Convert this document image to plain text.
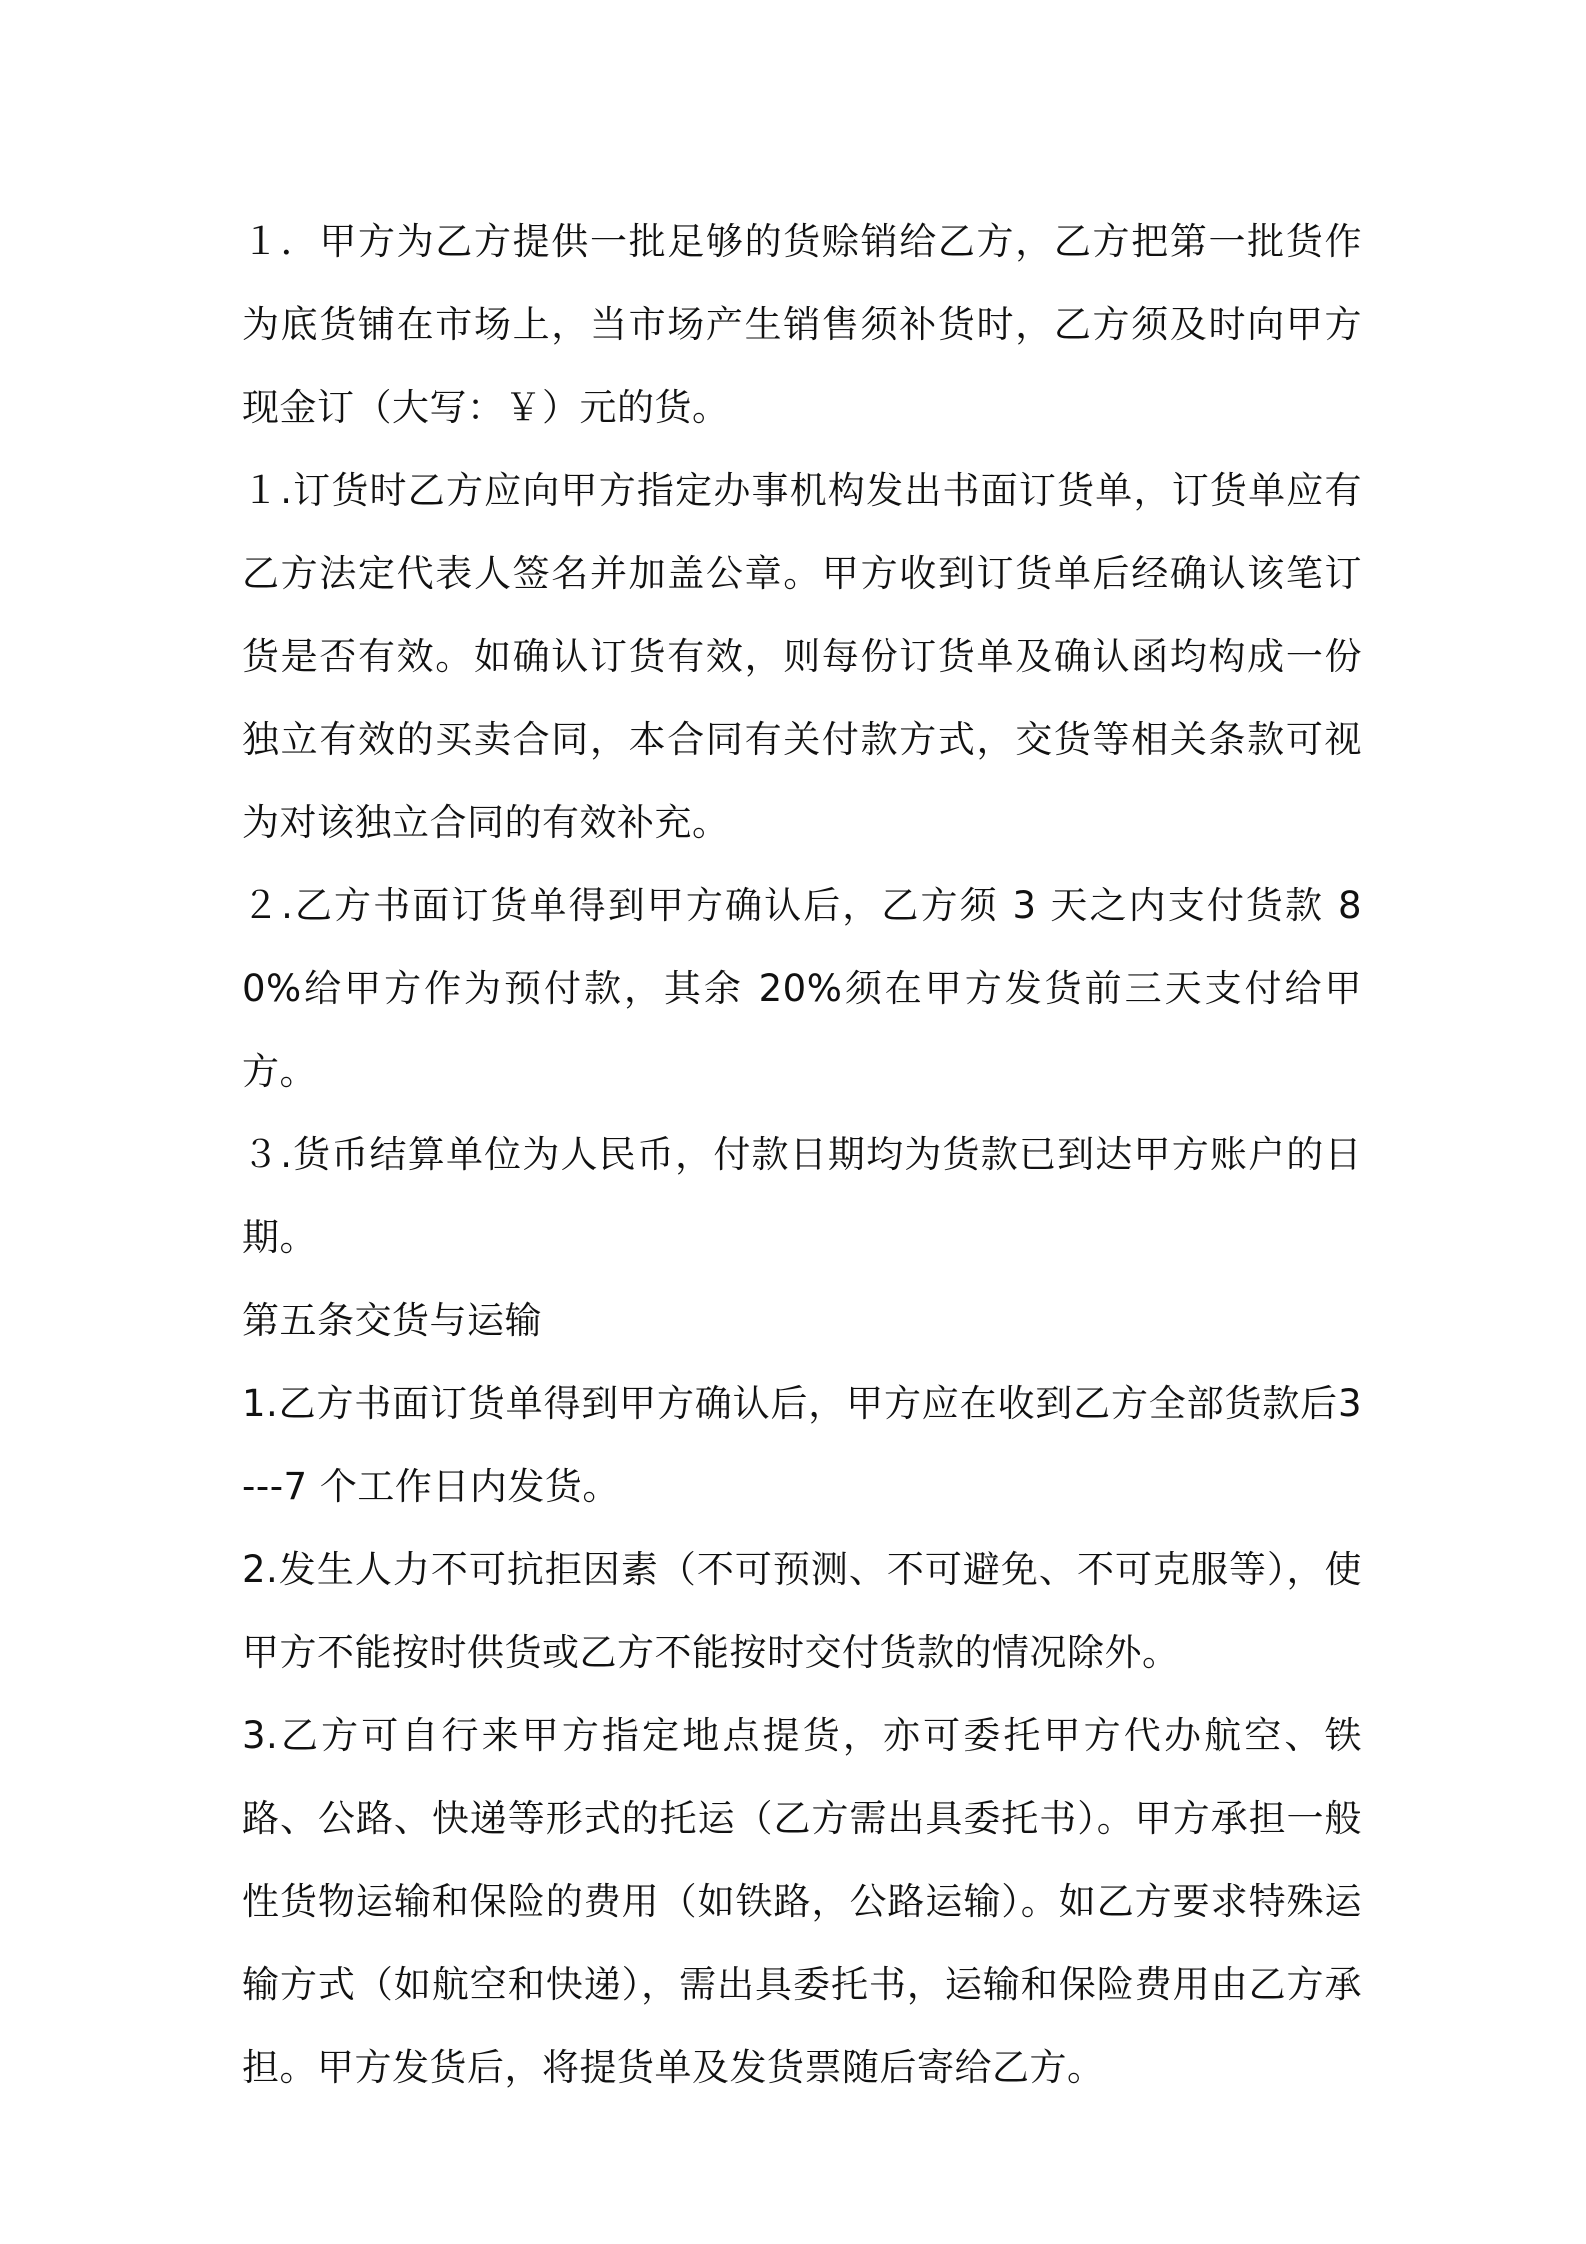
１．甲方为乙方提供一批足够的货赊销给乙方，乙方把第一批货作为底货铺在市场上，当市场产生销售须补货时，乙方须及时向甲方现金订（大写：￥）元的货。

１.订货时乙方应向甲方指定办事机构发出书面订货单，订货单应有乙方法定代表人签名并加盖公章。甲方收到订货单后经确认该笔订货是否有效。如确认订货有效，则每份订货单及确认函均构成一份独立有效的买卖合同，本合同有关付款方式，交货等相关条款可视为对该独立合同的有效补充。

２.乙方书面订货单得到甲方确认后，乙方须 3 天之内支付货款 80%给甲方作为预付款，其余 20%须在甲方发货前三天支付给甲方。

３.货币结算单位为人民币，付款日期均为货款已到达甲方账户的日期。

第五条交货与运输

1.乙方书面订货单得到甲方确认后，甲方应在收到乙方全部货款后3---7 个工作日内发货。

2.发生人力不可抗拒因素（不可预测、不可避免、不可克服等），使甲方不能按时供货或乙方不能按时交付货款的情况除外。

3.乙方可自行来甲方指定地点提货，亦可委托甲方代办航空、铁路、公路、快递等形式的托运（乙方需出具委托书）。甲方承担一般性货物运输和保险的费用（如铁路，公路运输）。如乙方要求特殊运输方式（如航空和快递），需出具委托书，运输和保险费用由乙方承担。甲方发货后，将提货单及发货票随后寄给乙方。
